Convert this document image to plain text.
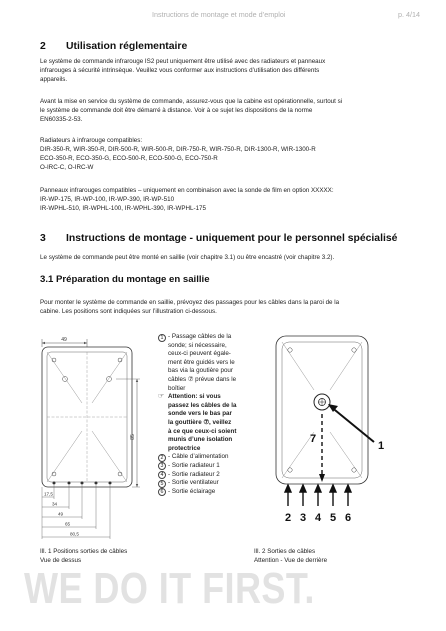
Instructions de montage et mode d’emploi	p. 4/14
2 Utilisation réglementaire
Le système de commande infrarouge IS2 peut uniquement être utilisé avec des radiateurs et panneaux
infrarouges à sécurité intrinsèque. Veuillez vous conformer aux instructions d’utilisation des différents
appareils.
Avant la mise en service du système de commande, assurez-vous que la cabine est opérationnelle, surtout si
le système de commande doit être démarré à distance. Voir à ce sujet les dispositions de la norme
EN60335-2-53.
Radiateurs à infrarouge compatibles:
DIR-350-R, WIR-350-R, DIR-500-R, WIR-500-R, DIR-750-R, WIR-750-R, DIR-1300-R, WIR-1300-R
ECO-350-R, ECO-350-G, ECO-500-R, ECO-500-G, ECO-750-R
O-IRC-C, O-IRC-W
Panneaux infrarouges compatibles – uniquement en combinaison avec la sonde de film en option XXXXX:
IR-WP-175, IR-WP-100, IR-WP-390, IR-WP-510
IR-WPHL-510, IR-WPHL-100, IR-WPHL-390, IR-WPHL-175
3 Instructions de montage - uniquement pour le personnel spécialisé
Le système de commande peut être monté en saillie (voir chapitre 3.1) ou être encastré (voir chapitre 3.2).
3.1 Préparation du montage en saillie
Pour monter le système de commande en saillie, prévoyez des passages pour les câbles dans la paroi de la
cabine. Les positions sont indiquées sur l’illustration ci-dessous.
49
85
17,5
34
49
65
80,5
1 - Passage câbles de la
sonde; si nécessaire,
ceux-ci peuvent égale-
ment être guidés vers le
bas via la goutière pour
câbles ⑦ prévue dans le
boîtier
☞ Attention: si vous
passez les câbles de la
sonde vers le bas par
la gouttière ⑦, veillez
à ce que ceux-ci soient
munis d’une isolation
protectrice
2 - Câble d’alimentation
3 - Sortie radiateur 1
4 - Sortie radiateur 2
5 - Sortie ventilateur
6 - Sortie éclairage
1
7
2 3 4 5 6
Ill. 1 Positions sorties de câbles
Vue de dessus
Ill. 2 Sorties de câbles
Attention - Vue de derrière
WE DO IT FIRST.
